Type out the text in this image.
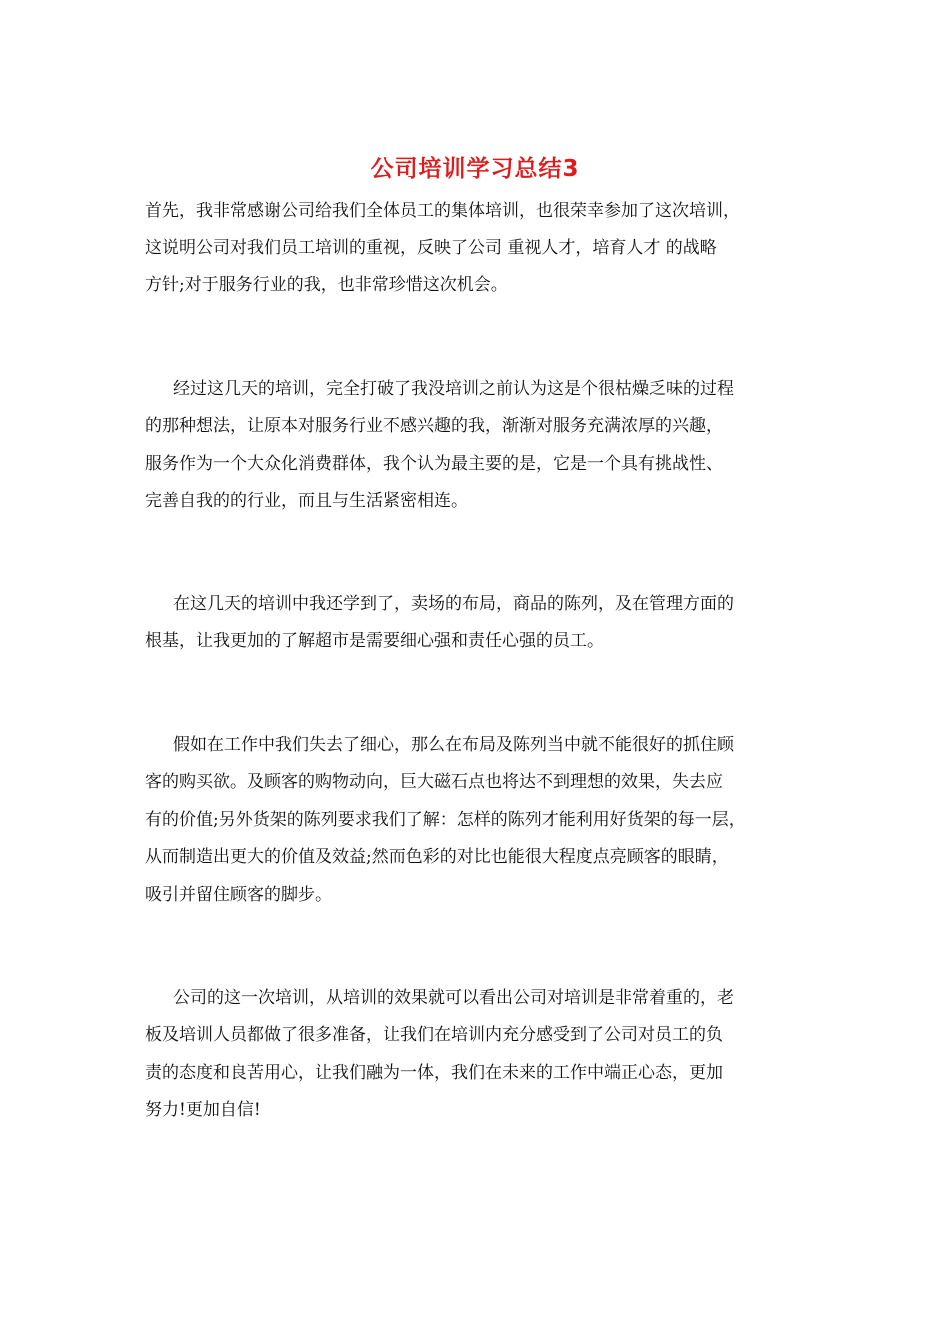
公司培训学习总结3

首先，我非常感谢公司给我们全体员工的集体培训，也很荣幸参加了这次培训，

这说明公司对我们员工培训的重视，反映了公司 重视人才，培育人才 的战略

方针;对于服务行业的我，也非常珍惜这次机会。

经过这几天的培训，完全打破了我没培训之前认为这是个很枯燥乏味的过程

的那种想法，让原本对服务行业不感兴趣的我，渐渐对服务充满浓厚的兴趣，

服务作为一个大众化消费群体，我个认为最主要的是，它是一个具有挑战性、

完善自我的的行业，而且与生活紧密相连。

在这几天的培训中我还学到了，卖场的布局，商品的陈列，及在管理方面的

根基，让我更加的了解超市是需要细心强和责任心强的员工。

假如在工作中我们失去了细心，那么在布局及陈列当中就不能很好的抓住顾

客的购买欲。及顾客的购物动向，巨大磁石点也将达不到理想的效果，失去应

有的价值;另外货架的陈列要求我们了解：怎样的陈列才能利用好货架的每一层，

从而制造出更大的价值及效益;然而色彩的对比也能很大程度点亮顾客的眼睛，

吸引并留住顾客的脚步。

公司的这一次培训，从培训的效果就可以看出公司对培训是非常着重的，老

板及培训人员都做了很多准备，让我们在培训内充分感受到了公司对员工的负

责的态度和良苦用心，让我们融为一体，我们在未来的工作中端正心态，更加

努力!更加自信!
